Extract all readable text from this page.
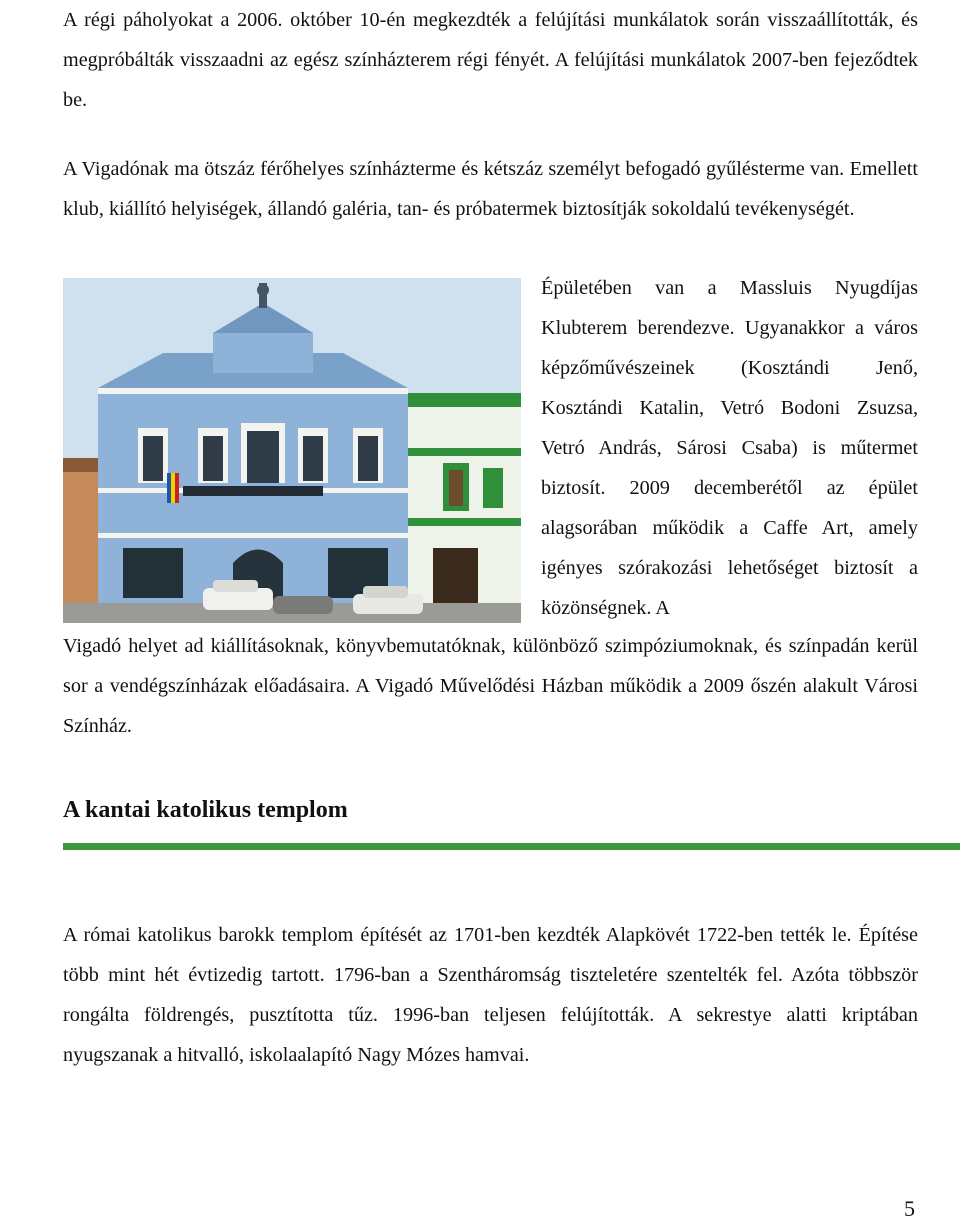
A régi páholyokat a 2006. október 10-én megkezdték a felújítási munkálatok során visszaállították, és megpróbálták visszaadni az egész színházterem régi fényét. A felújítási munkálatok 2007-ben fejeződtek be.

A Vigadónak ma ötszáz férőhelyes színházterme és kétszáz személyt befogadó gyűlésterme van. Emellett klub, kiállító helyiségek, állandó galéria, tan- és próbatermek biztosítják sokoldalú tevékenységét.

Épületében van a Massluis Nyugdíjas Klubterem berendezve. Ugyanakkor a város képzőművészeinek (Kosztándi Jenő, Kosztándi Katalin, Vetró Bodoni Zsuzsa, Vetró András, Sárosi Csaba) is műtermet biztosít. 2009 decemberétől az épület alagsorában működik a Caffe Art, amely igényes szórakozási lehetőséget biztosít a közönségnek. A

Vigadó helyet ad kiállításoknak, könyvbemutatóknak, különböző szimpóziumoknak, és színpadán kerül sor a vendégszínházak előadásaira. A Vigadó Művelődési Házban működik a 2009 őszén alakult Városi Színház.

A kantai katolikus templom

A római katolikus barokk templom építését az 1701-ben kezdték Alapkövét 1722-ben tették le. Építése több mint hét évtizedig tartott. 1796-ban a Szentháromság tiszteletére szentelték fel. Azóta többször rongálta földrengés, pusztította tűz. 1996-ban teljesen felújították. A sekrestye alatti kriptában nyugszanak a hitvalló, iskolaalapító Nagy Mózes hamvai.

5
